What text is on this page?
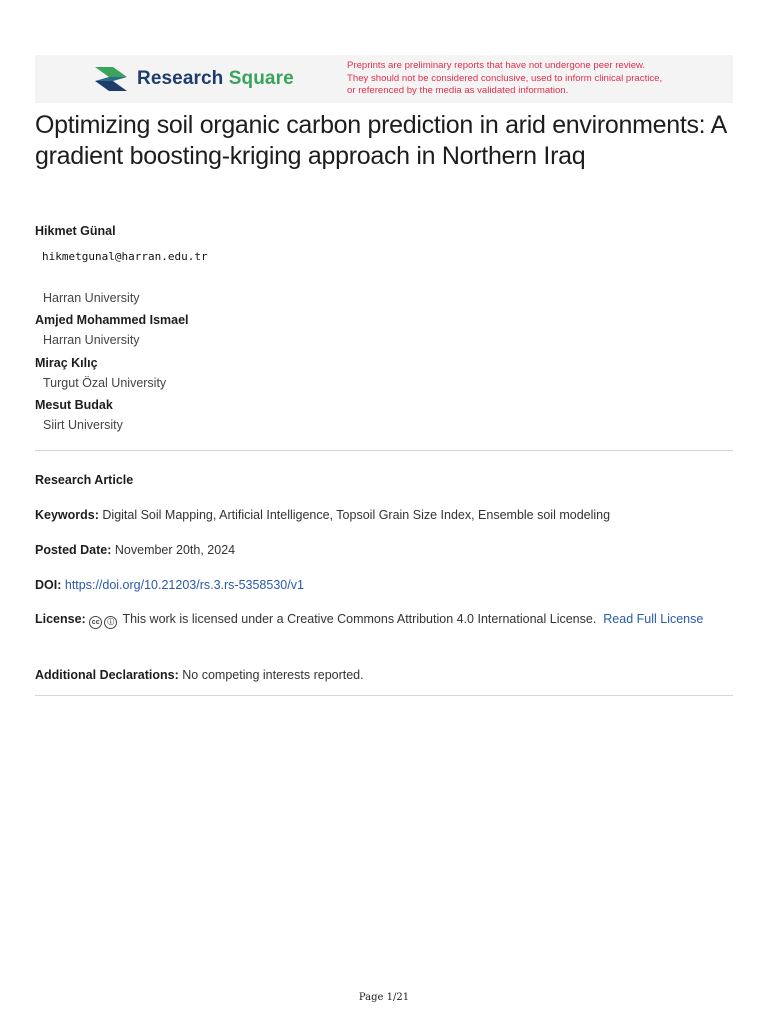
Research Square
Preprints are preliminary reports that have not undergone peer review.
They should not be considered conclusive, used to inform clinical practice,
or referenced by the media as validated information.
Optimizing soil organic carbon prediction in arid environments: A gradient boosting-kriging approach in Northern Iraq
Hikmet Günal
hikmetgunal@harran.edu.tr
Harran University
Amjed Mohammed Ismael
Harran University
Miraç Kılıç
Turgut Özal University
Mesut Budak
Siirt University
Research Article
Keywords: Digital Soil Mapping, Artificial Intelligence, Topsoil Grain Size Index, Ensemble soil modeling
Posted Date: November 20th, 2024
DOI: https://doi.org/10.21203/rs.3.rs-5358530/v1
License: cc ⓘ This work is licensed under a Creative Commons Attribution 4.0 International License. Read Full License
Additional Declarations: No competing interests reported.
Page 1/21
